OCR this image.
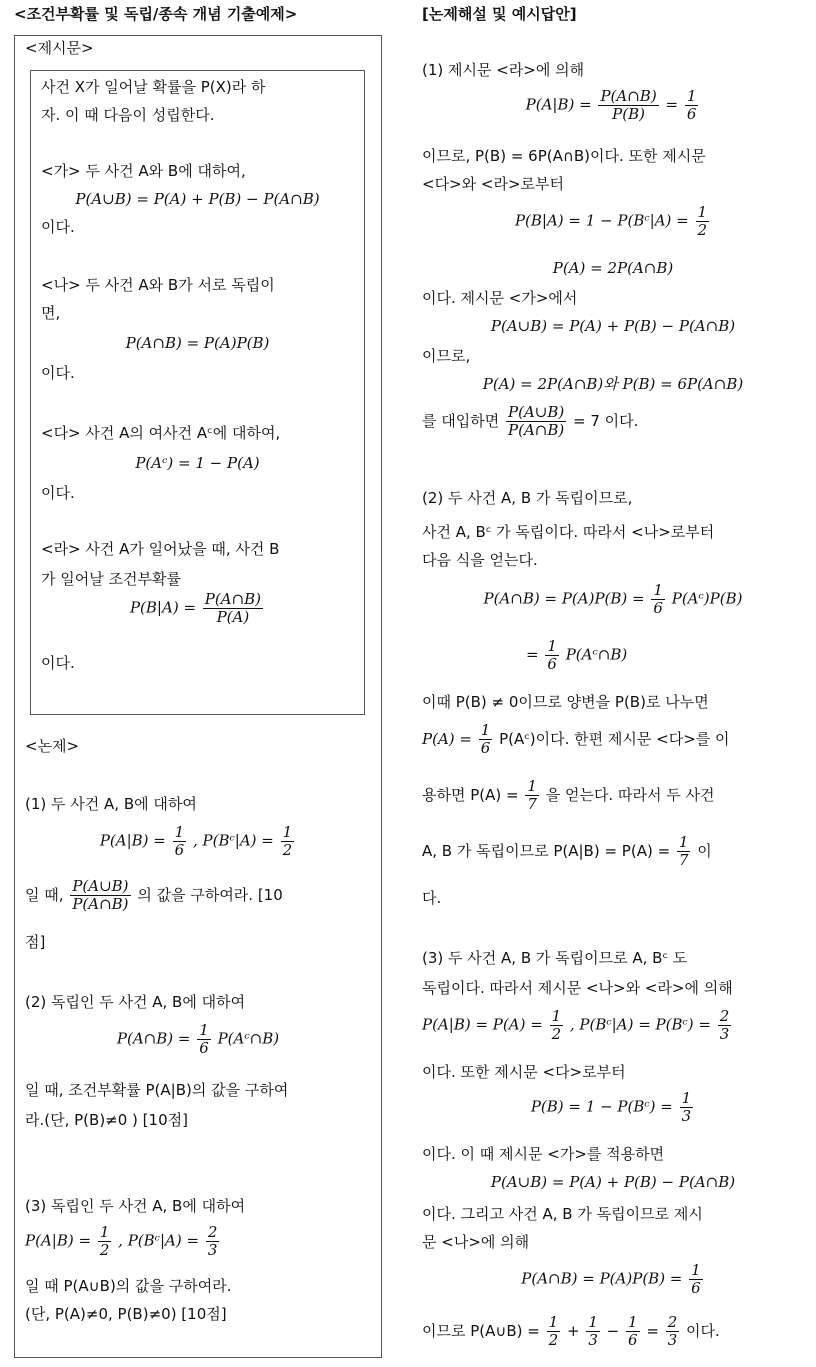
<조건부확률 및 독립/종속 개념 기출예제>
<제시문>
사건 X가 일어날 확률을 P(X)라 하
자. 이 때 다음이 성립한다.
<가> 두 사건 A와 B에 대하여,
P(A∪B) = P(A) + P(B) − P(A∩B)
이다.
<나> 두 사건 A와 B가 서로 독립이
면,
P(A∩B) = P(A)P(B)
이다.
<다> 사건 A의 여사건 Aᶜ에 대하여,
P(Aᶜ) = 1 − P(A)
이다.
<라> 사건 A가 일어났을 때, 사건 B
가 일어날 조건부확률
$P(B|A) = \frac{P(A\cap B)}{P(A)}$
이다.
<논제>
(1) 두 사건 A, B에 대하여
$P(A|B) = \frac{1}{6}$ , P(Bᶜ|A) = $\frac{1}{2}$
일 때, $\frac{P(A\cup B)}{P(A\cap B)}$ 의 값을 구하여라. [10
점]
(2) 독립인 두 사건 A, B에 대하여
P(A∩B) = $\frac{1}{6}$ P(Aᶜ∩B)
일 때, 조건부확률 P(A|B)의 값을 구하여
라.(단, P(B)≠0 ) [10점]
(3) 독립인 두 사건 A, B에 대하여
$P(A|B) = \frac{1}{2}$ , P(Bᶜ|A) = $\frac{2}{3}$
일 때 P(A∪B)의 값을 구하여라.
(단, P(A)≠0, P(B)≠0) [10점]
[논제해설 및 예시답안]
(1) 제시문 <라>에 의해
$P(A|B) = \frac{P(A\cap B)}{P(B)} = \frac{1}{6}$
이므로, P(B) = 6P(A∩B)이다. 또한 제시문
<다>와 <라>로부터
P(B|A) = 1 − P(Bᶜ|A) = $\frac{1}{2}$
P(A) = 2P(A∩B)
이다. 제시문 <가>에서
P(A∪B) = P(A) + P(B) − P(A∩B)
이므로,
P(A) = 2P(A∩B)와 P(B) = 6P(A∩B)
를 대입하면 $\frac{P(A\cup B)}{P(A\cap B)} = 7$ 이다.
(2) 두 사건 A, B 가 독립이므로,
사건 A, Bᶜ 가 독립이다. 따라서 <나>로부터
다음 식을 얻는다.
P(A∩B) = $P(A)P(B) = \frac{1}{6}$ P(Aᶜ)P(B)
= $\frac{1}{6}$ P(Aᶜ∩B)
이때 P(B) ≠ 0이므로 양변을 P(B)로 나누면
$P(A) = \frac{1}{6}$ P(Aᶜ)이다. 한편 제시문 <다>를 이
용하면 $P(A) = \frac{1}{7}$ 을 얻는다. 따라서 두 사건
A, B 가 독립이므로 $P(A|B) = P(A) = \frac{1}{7}$ 이
다.
(3) 두 사건 A, B 가 독립이므로 A, Bᶜ 도
독립이다. 따라서 제시문 <나>와 <라>에 의해
$P(A|B) = P(A) = \frac{1}{2}$ , P(Bᶜ|A) = P(Bᶜ) = $\frac{2}{3}$
이다. 또한 제시문 <다>로부터
P(B) = 1 − P(Bᶜ) = $\frac{1}{3}$
이다. 이 때 제시문 <가>를 적용하면
P(A∪B) = P(A) + P(B) − P(A∩B)
이다. 그리고 사건 A, B 가 독립이므로 제시
문 <나>에 의해
P(A∩B) = $P(A)P(B) = \frac{1}{6}$
이므로 P(A∪B) = $\frac{1}{2} + \frac{1}{3} - \frac{1}{6} = \frac{2}{3}$ 이다.
